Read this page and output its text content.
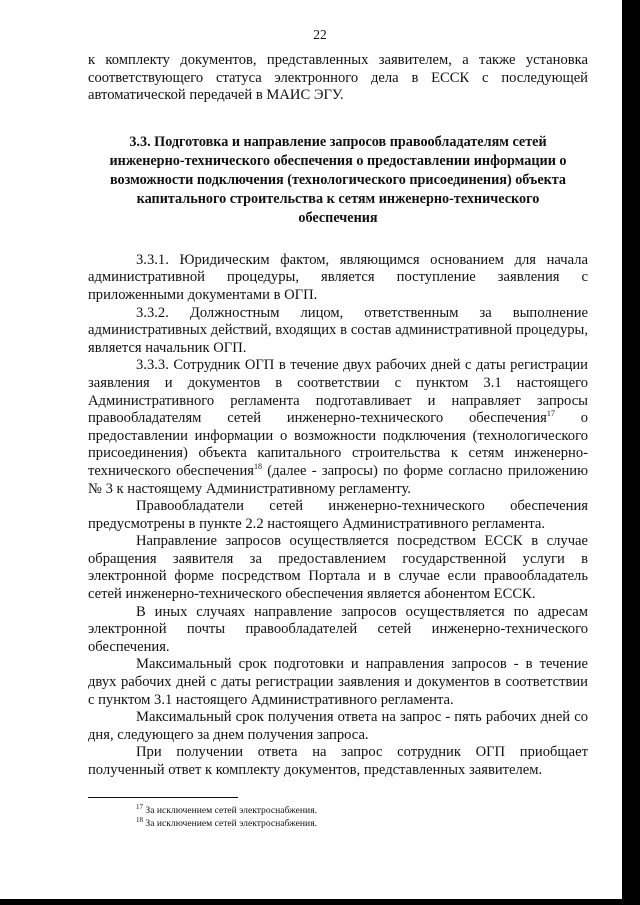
22

к комплекту документов, представленных заявителем, а также установка соответствующего статуса электронного дела в ЕССК с последующей автоматической передачей в МАИС ЭГУ.

3.3. Подготовка и направление запросов правообладателям сетей инженерно-технического обеспечения о предоставлении информации о возможности подключения (технологического присоединения) объекта капитального строительства к сетям инженерно-технического обеспечения

3.3.1. Юридическим фактом, являющимся основанием для начала административной процедуры, является поступление заявления с приложенными документами в ОГП.

3.3.2. Должностным лицом, ответственным за выполнение административных действий, входящих в состав административной процедуры, является начальник ОГП.

3.3.3. Сотрудник ОГП в течение двух рабочих дней с даты регистрации заявления и документов в соответствии с пунктом 3.1 настоящего Административного регламента подготавливает и направляет запросы правообладателям сетей инженерно-технического обеспечения$^{17}$ о предоставлении информации о возможности подключения (технологического присоединения) объекта капитального строительства к сетям инженерно-технического обеспечения$^{18}$ (далее - запросы) по форме согласно приложению № 3 к настоящему Административному регламенту.

Правообладатели сетей инженерно-технического обеспечения предусмотрены в пункте 2.2 настоящего Административного регламента.

Направление запросов осуществляется посредством ЕССК в случае обращения заявителя за предоставлением государственной услуги в электронной форме посредством Портала и в случае если правообладатель сетей инженерно-технического обеспечения является абонентом ЕССК.

В иных случаях направление запросов осуществляется по адресам электронной почты правообладателей сетей инженерно-технического обеспечения.

Максимальный срок подготовки и направления запросов - в течение двух рабочих дней с даты регистрации заявления и документов в соответствии с пунктом 3.1 настоящего Административного регламента.

Максимальный срок получения ответа на запрос - пять рабочих дней со дня, следующего за днем получения запроса.

При получении ответа на запрос сотрудник ОГП приобщает полученный ответ к комплекту документов, представленных заявителем.

$^{17}$ За исключением сетей электроснабжения.
$^{18}$ За исключением сетей электроснабжения.
